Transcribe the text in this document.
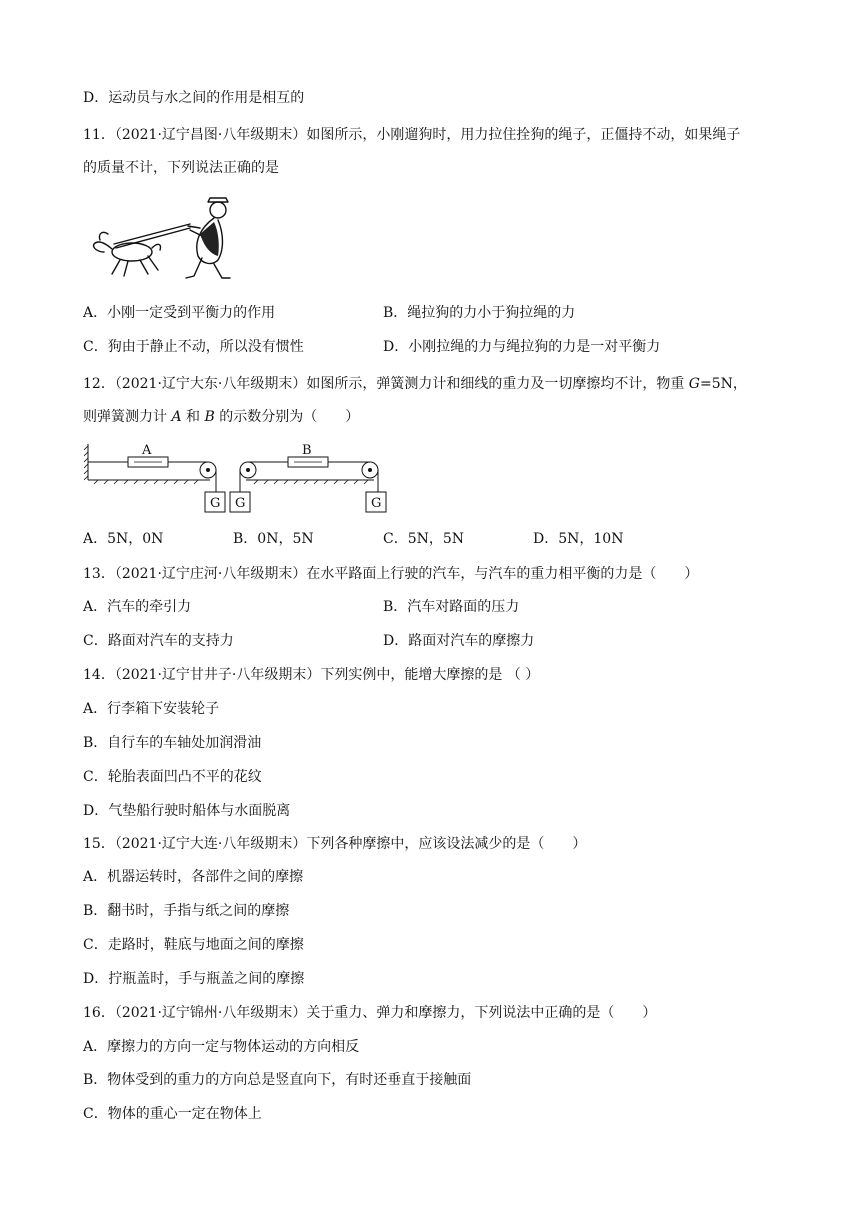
D．运动员与水之间的作用是相互的
11．（2021·辽宁昌图·八年级期末）如图所示，小刚遛狗时，用力拉住拴狗的绳子，正僵持不动，如果绳子
的质量不计，下列说法正确的是
A．小刚一定受到平衡力的作用	B．绳拉狗的力小于狗拉绳的力
C．狗由于静止不动，所以没有惯性	D．小刚拉绳的力与绳拉狗的力是一对平衡力
12．（2021·辽宁大东·八年级期末）如图所示，弹簧测力计和细线的重力及一切摩擦均不计，物重 G=5N，
则弹簧测力计 A 和 B 的示数分别为（　　）
A	B
G G	G
A．5N，0N	B．0N，5N	C．5N，5N	D．5N，10N
13．（2021·辽宁庄河·八年级期末）在水平路面上行驶的汽车，与汽车的重力相平衡的力是（　　）
A．汽车的牵引力	B．汽车对路面的压力
C．路面对汽车的支持力	D．路面对汽车的摩擦力
14．（2021·辽宁甘井子·八年级期末）下列实例中，能增大摩擦的是 （ ）
A．行李箱下安装轮子
B．自行车的车轴处加润滑油
C．轮胎表面凹凸不平的花纹
D．气垫船行驶时船体与水面脱离
15．（2021·辽宁大连·八年级期末）下列各种摩擦中，应该设法减少的是（　　）
A．机器运转时，各部件之间的摩擦
B．翻书时，手指与纸之间的摩擦
C．走路时，鞋底与地面之间的摩擦
D．拧瓶盖时，手与瓶盖之间的摩擦
16．（2021·辽宁锦州·八年级期末）关于重力、弹力和摩擦力，下列说法中正确的是（　　）
A．摩擦力的方向一定与物体运动的方向相反
B．物体受到的重力的方向总是竖直向下，有时还垂直于接触面
C．物体的重心一定在物体上
